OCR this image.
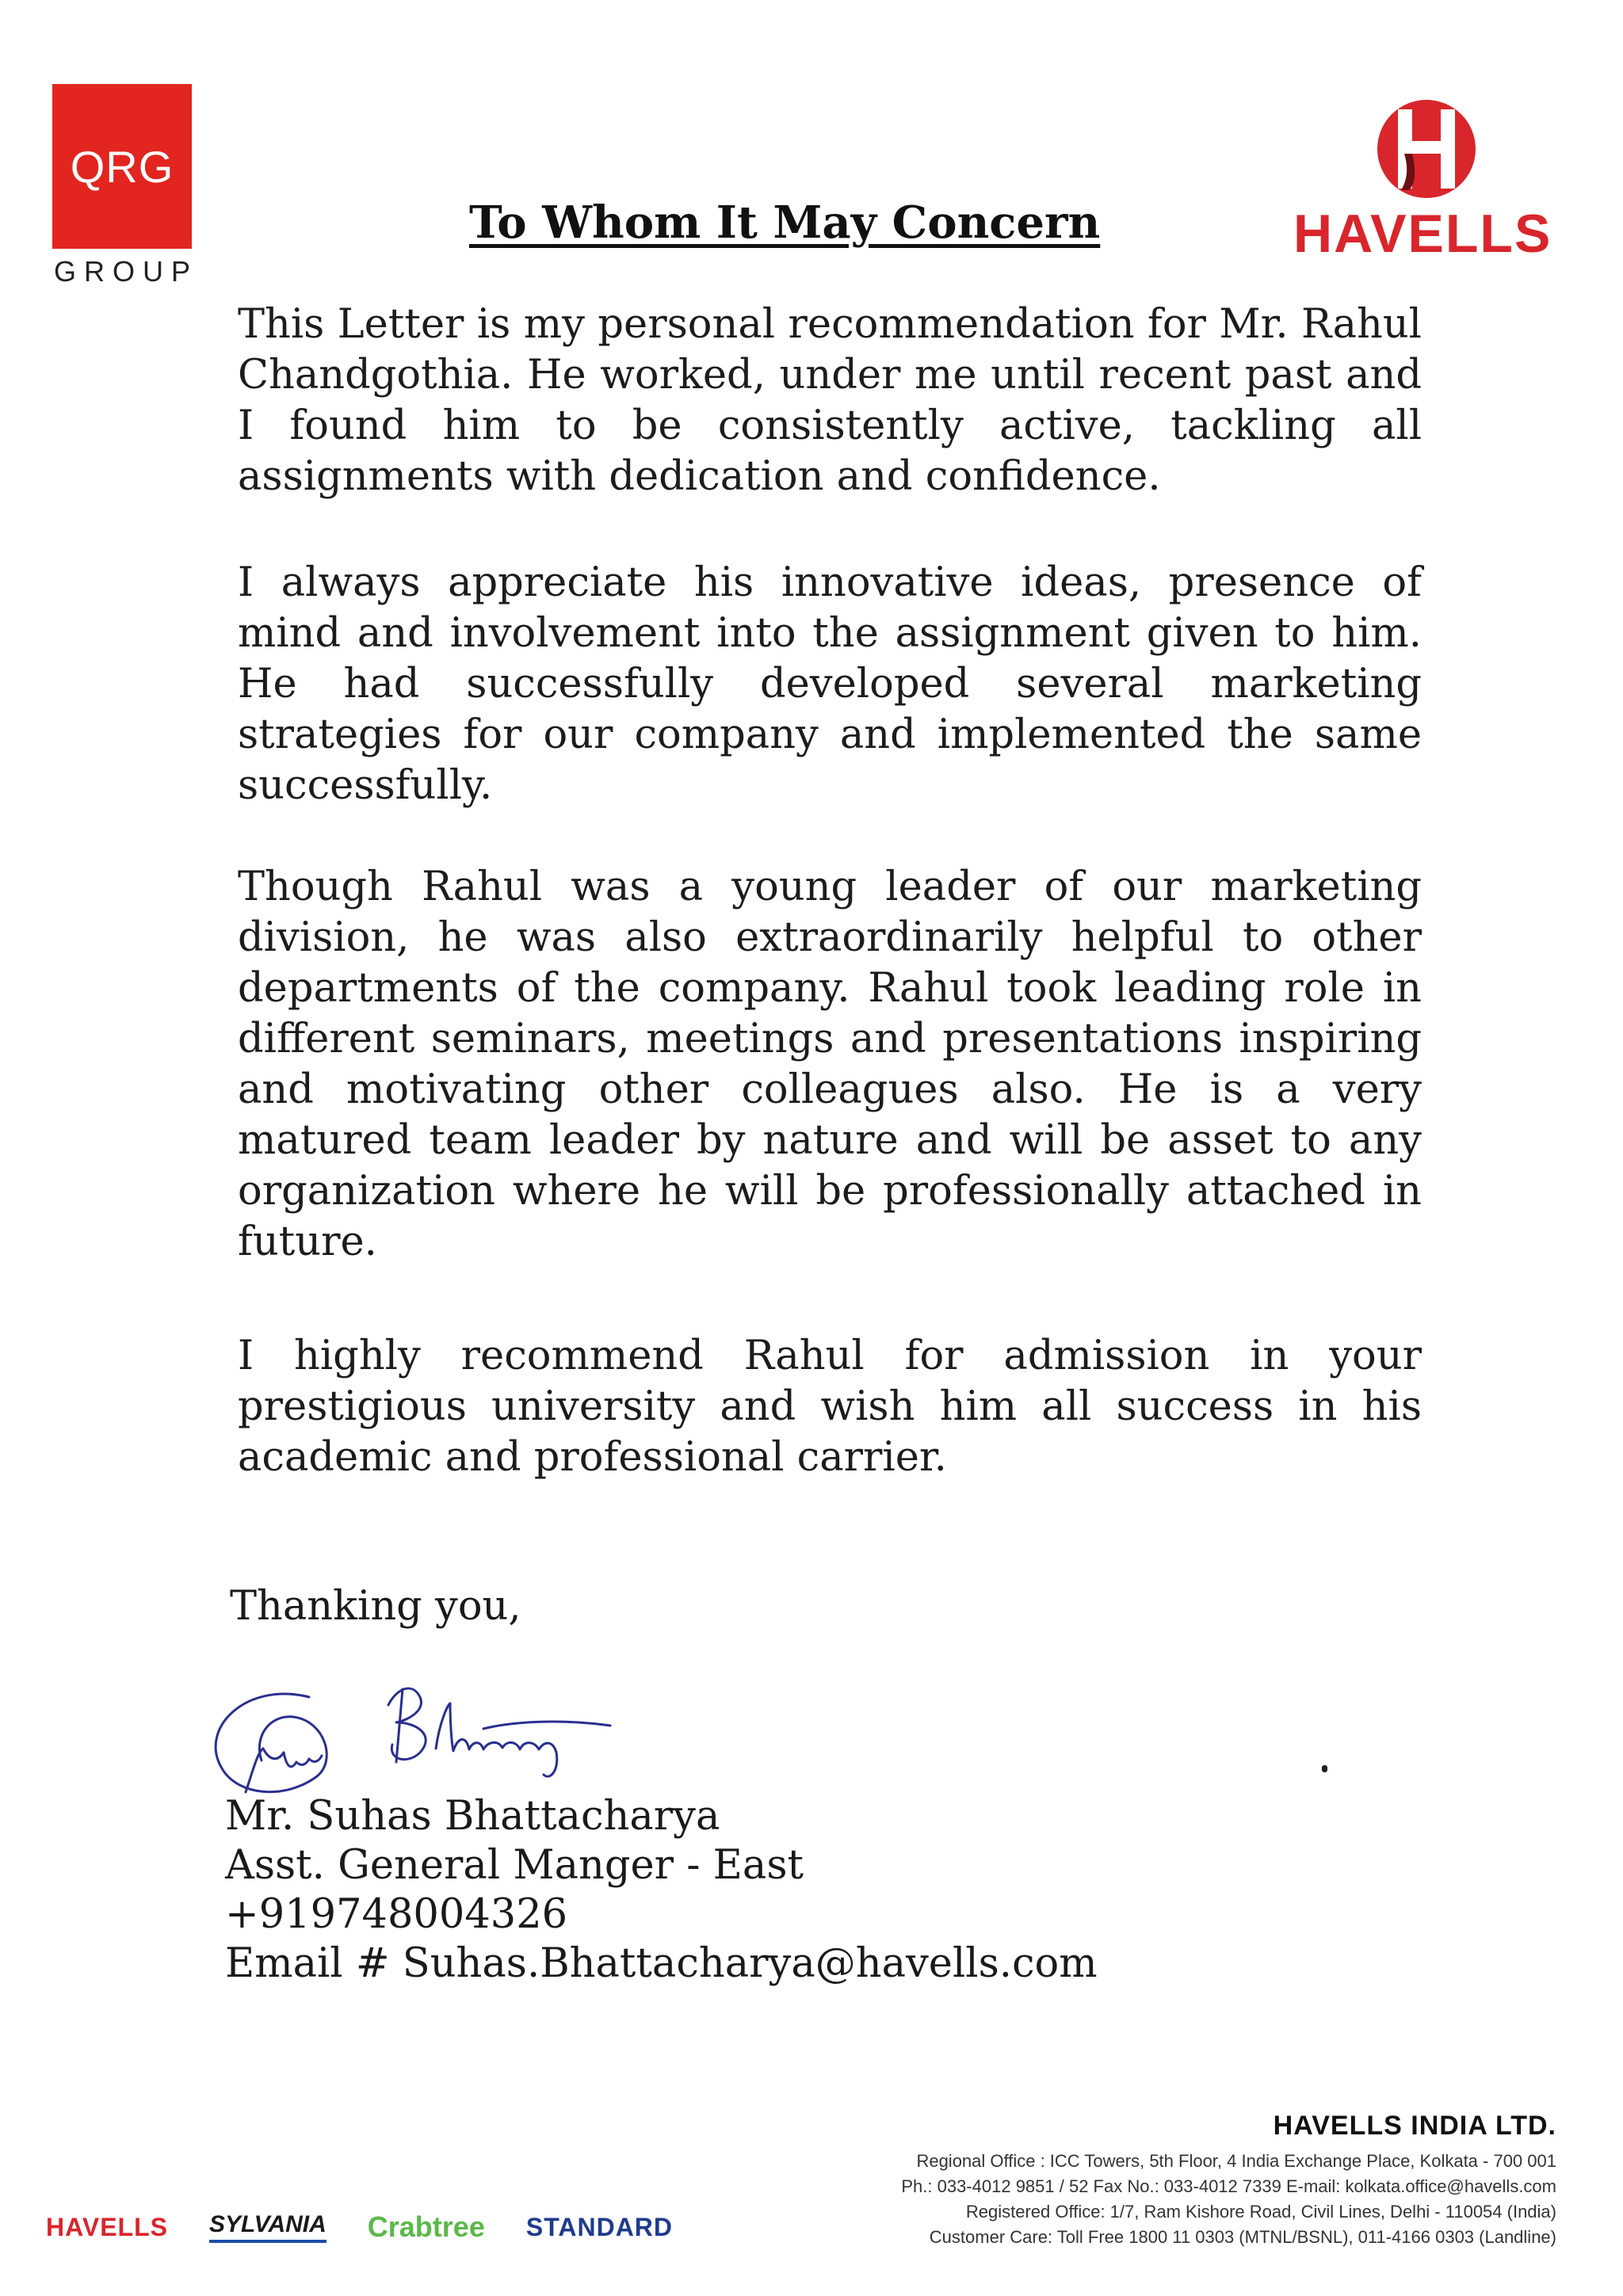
QRG
GROUP
HAVELLS
To Whom It May Concern
This Letter is my personal recommendation for Mr. Rahul Chandgothia. He worked, under me until recent past and I found him to be consistently active, tackling all assignments with dedication and confidence.
I always appreciate his innovative ideas, presence of mind and involvement into the assignment given to him. He had successfully developed several marketing strategies for our company and implemented the same successfully.
Though Rahul was a young leader of our marketing division, he was also extraordinarily helpful to other departments of the company. Rahul took leading role in different seminars, meetings and presentations inspiring and motivating other colleagues also. He is a very matured team leader by nature and will be asset to any organization where he will be professionally attached in future.
I highly recommend Rahul for admission in your prestigious university and wish him all success in his academic and professional carrier.
Thanking you,
Mr. Suhas Bhattacharya
Asst. General Manger - East
+919748004326
Email # Suhas.Bhattacharya@havells.com
HAVELLS INDIA LTD.
Regional Office : ICC Towers, 5th Floor, 4 India Exchange Place, Kolkata - 700 001
Ph.: 033-4012 9851 / 52 Fax No.: 033-4012 7339 E-mail: kolkata.office@havells.com
Registered Office: 1/7, Ram Kishore Road, Civil Lines, Delhi - 110054 (India)
Customer Care: Toll Free 1800 11 0303 (MTNL/BSNL), 011-4166 0303 (Landline)
HAVELLS SYLVANIA Crabtree STANDARD
